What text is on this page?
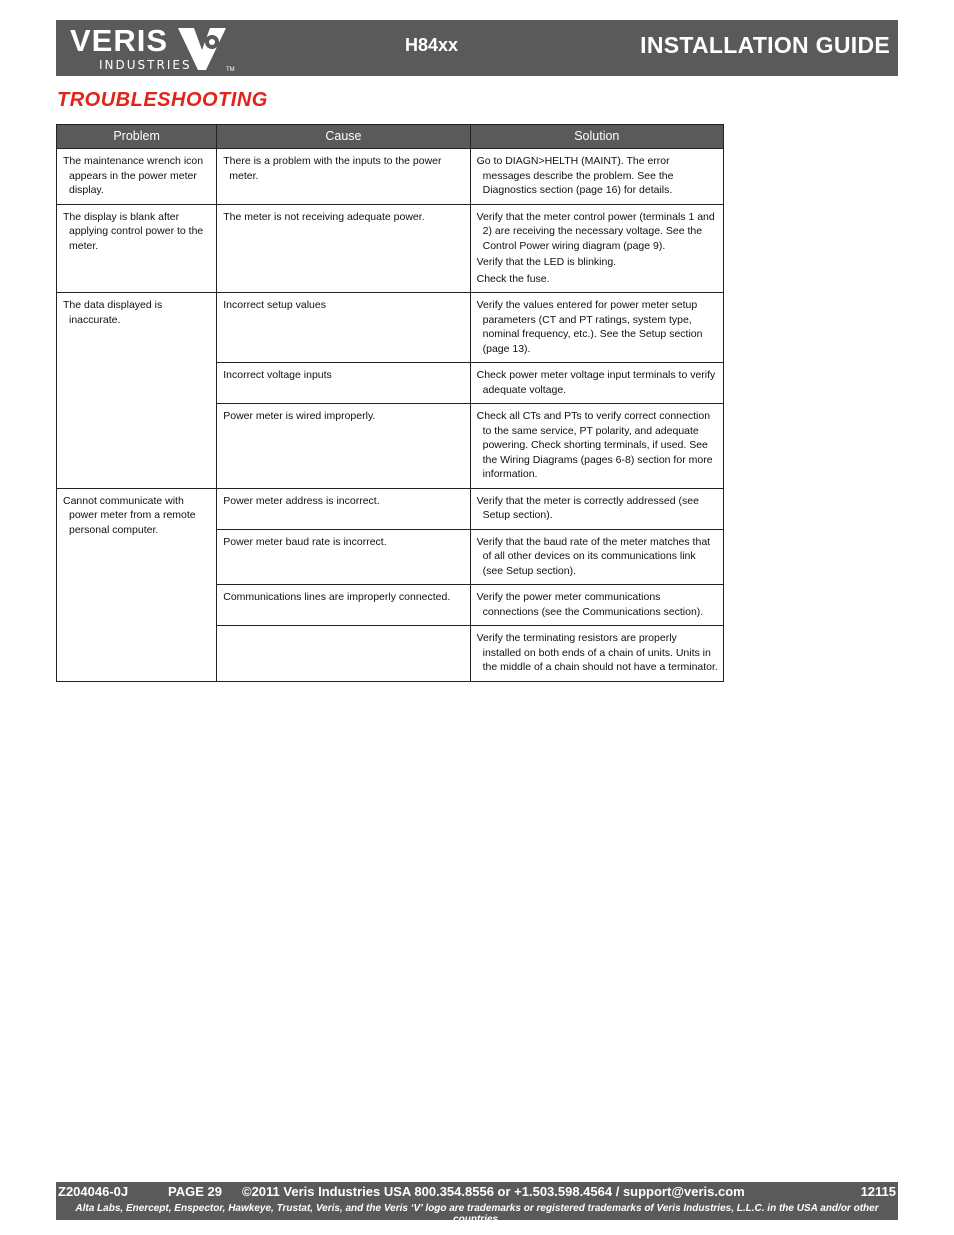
VERIS
INDUSTRIES	TM
H84xx	INSTALLATION GUIDE
TROUBLESHOOTING
Problem	Cause	Solution

The maintenance wrench icon appears in the power meter display.	There is a problem with the inputs to the power meter.	Go to DIAGN>HELTH (MAINT). The error messages describe the problem. See the Diagnostics section (page 16) for details.

The display is blank after applying control power to the meter.	The meter is not receiving adequate power.	Verify that the meter control power (terminals 1 and 2) are receiving the necessary voltage. See the Control Power wiring diagram (page 9).

Verify that the LED is blinking.

Check the fuse.

The data displayed is inaccurate.	Incorrect setup values	Verify the values entered for power meter setup parameters (CT and PT ratings, system type, nominal frequency, etc.). See the Setup section (page 13).

	Incorrect voltage inputs	Check power meter voltage input terminals to verify adequate voltage.

	Power meter is wired improperly.	Check all CTs and PTs to verify correct connection to the same service, PT polarity, and adequate powering. Check shorting terminals, if used. See the Wiring Diagrams (pages 6-8) section for more information.

Cannot communicate with power meter from a remote personal computer.	Power meter address is incorrect.	Verify that the meter is correctly addressed (see Setup section).

	Power meter baud rate is incorrect.	Verify that the baud rate of the meter matches that of all other devices on its communications link (see Setup section).

	Communications lines are improperly connected.	Verify the power meter communications connections (see the Communications section).

		Verify the terminating resistors are properly installed on both ends of a chain of units. Units in the middle of a chain should not have a terminator.

Z204046-0J	PAGE 29 ©2011 Veris Industries USA 800.354.8556 or +1.503.598.4564 / support@veris.com	12115
Alta Labs, Enercept, Enspector, Hawkeye, Trustat, Veris, and the Veris ‘V’ logo are trademarks or registered trademarks of Veris Industries, L.L.C. in the USA and/or other countries.
